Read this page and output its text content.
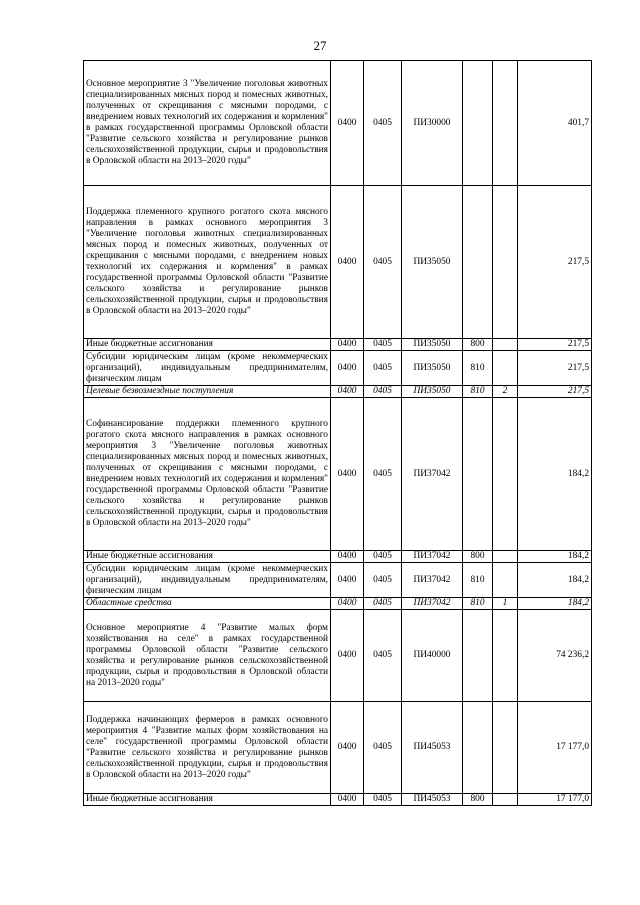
27
Основное мероприятие 3 "Увеличение поголовья животных специализированных мясных пород и помесных животных, полученных от скрещивания с мясными породами, с внедрением новых технологий их содержания и кормления" в рамках государственной программы Орловской области "Развитие сельского хозяйства и регулирование рынков сельскохозяйственной продукции, сырья и продовольствия в Орловской области на 2013–2020 годы"	0400	0405	ПИ30000			401,7
Поддержка племенного крупного рогатого скота мясного направления в рамках основного мероприятия 3 "Увеличение поголовья животных специализированных мясных пород и помесных животных, полученных от скрещивания с мясными породами, с внедрением новых технологий их содержания и кормления" в рамках государственной программы Орловской области "Развитие сельского хозяйства и регулирование рынков сельскохозяйственной продукции, сырья и продовольствия в Орловской области на 2013–2020 годы"	0400	0405	ПИ35050			217,5
Иные бюджетные ассигнования	0400	0405	ПИ35050	800		217,5
Субсидии юридическим лицам (кроме некоммерческих организаций), индивидуальным предпринимателям, физическим лицам	0400	0405	ПИ35050	810		217,5
Целевые безвозмездные поступления	0400	0405	ПИ35050	810	2	217,5
Софинансирование поддержки племенного крупного рогатого скота мясного направления в рамках основного мероприятия 3 "Увеличение поголовья животных специализированных мясных пород и помесных животных, полученных от скрещивания с мясными породами, с внедрением новых технологий их содержания и кормления" государственной программы Орловской области "Развитие сельского хозяйства и регулирование рынков сельскохозяйственной продукции, сырья и продовольствия в Орловской области на 2013–2020 годы"	0400	0405	ПИ37042			184,2
Иные бюджетные ассигнования	0400	0405	ПИ37042	800		184,2
Субсидии юридическим лицам (кроме некоммерческих организаций), индивидуальным предпринимателям, физическим лицам	0400	0405	ПИ37042	810		184,2
Областные средства	0400	0405	ПИ37042	810	1	184,2
Основное мероприятие 4 "Развитие малых форм хозяйствования на селе" в рамках государственной программы Орловской области "Развитие сельского хозяйства и регулирование рынков сельскохозяйственной продукции, сырья и продовольствия в Орловской области на 2013–2020 годы"	0400	0405	ПИ40000			74 236,2
Поддержка начинающих фермеров в рамках основного мероприятия 4 "Развитие малых форм хозяйствования на селе" государственной программы Орловской области "Развитие сельского хозяйства и регулирование рынков сельскохозяйственной продукции, сырья и продовольствия в Орловской области на 2013–2020 годы"	0400	0405	ПИ45053			17 177,0
Иные бюджетные ассигнования	0400	0405	ПИ45053	800		17 177,0
